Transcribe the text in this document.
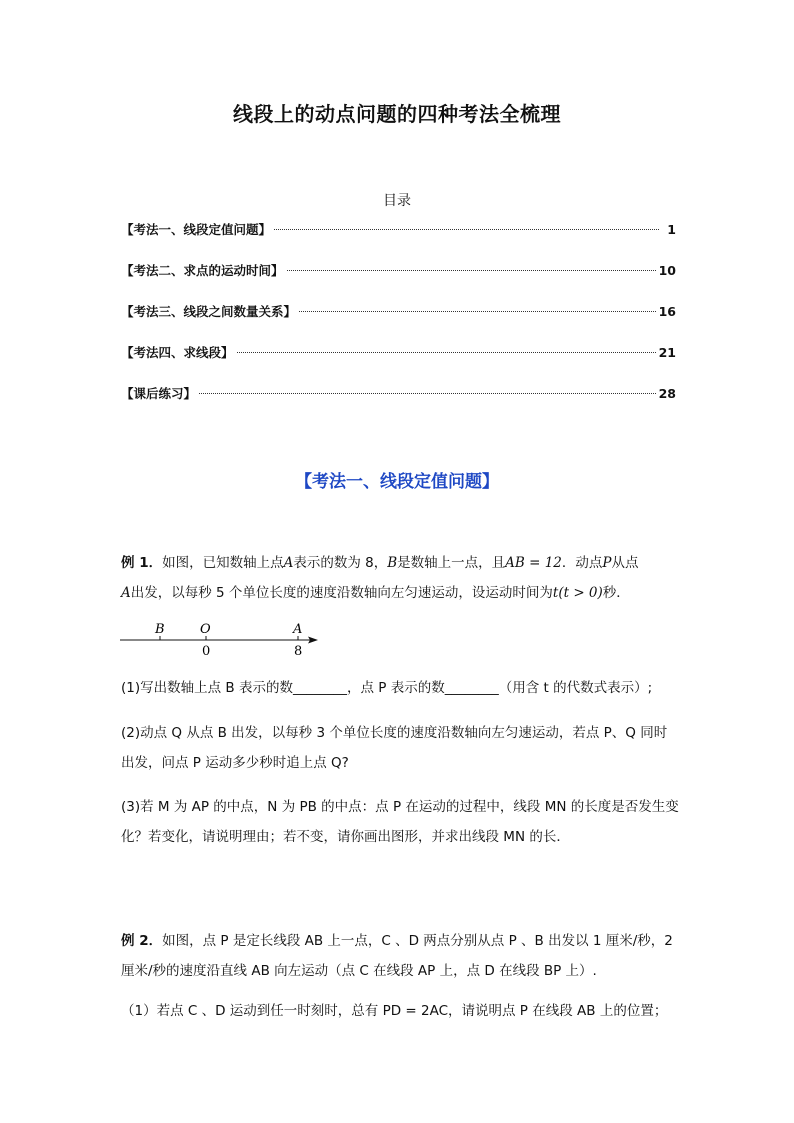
线段上的动点问题的四种考法全梳理
目录
【考法一、线段定值问题】	1
【考法二、求点的运动时间】	10
【考法三、线段之间数量关系】	16
【考法四、求线段】	21
【课后练习】	28
【考法一、线段定值问题】
例 1．如图，已知数轴上点A表示的数为 8，B是数轴上一点，且AB = 12．动点P从点
A出发，以每秒 5 个单位长度的速度沿数轴向左匀速运动，设运动时间为t(t > 0)秒．
B	O	A
0	8
(1)写出数轴上点 B 表示的数________，点 P 表示的数________（用含 t 的代数式表示）;
(2)动点 Q 从点 B 出发，以每秒 3 个单位长度的速度沿数轴向左匀速运动，若点 P、Q 同时
出发，问点 P 运动多少秒时追上点 Q?
(3)若 M 为 AP 的中点，N 为 PB 的中点：点 P 在运动的过程中，线段 MN 的长度是否发生变
化？若变化，请说明理由；若不变，请你画出图形，并求出线段 MN 的长．
例 2．如图，点 P 是定长线段 AB 上一点，C 、D 两点分别从点 P 、B 出发以 1 厘米/秒，2
厘米/秒的速度沿直线 AB 向左运动（点 C 在线段 AP 上，点 D 在线段 BP 上）.
（1）若点 C 、D 运动到任一时刻时，总有 PD = 2AC，请说明点 P 在线段 AB 上的位置；
